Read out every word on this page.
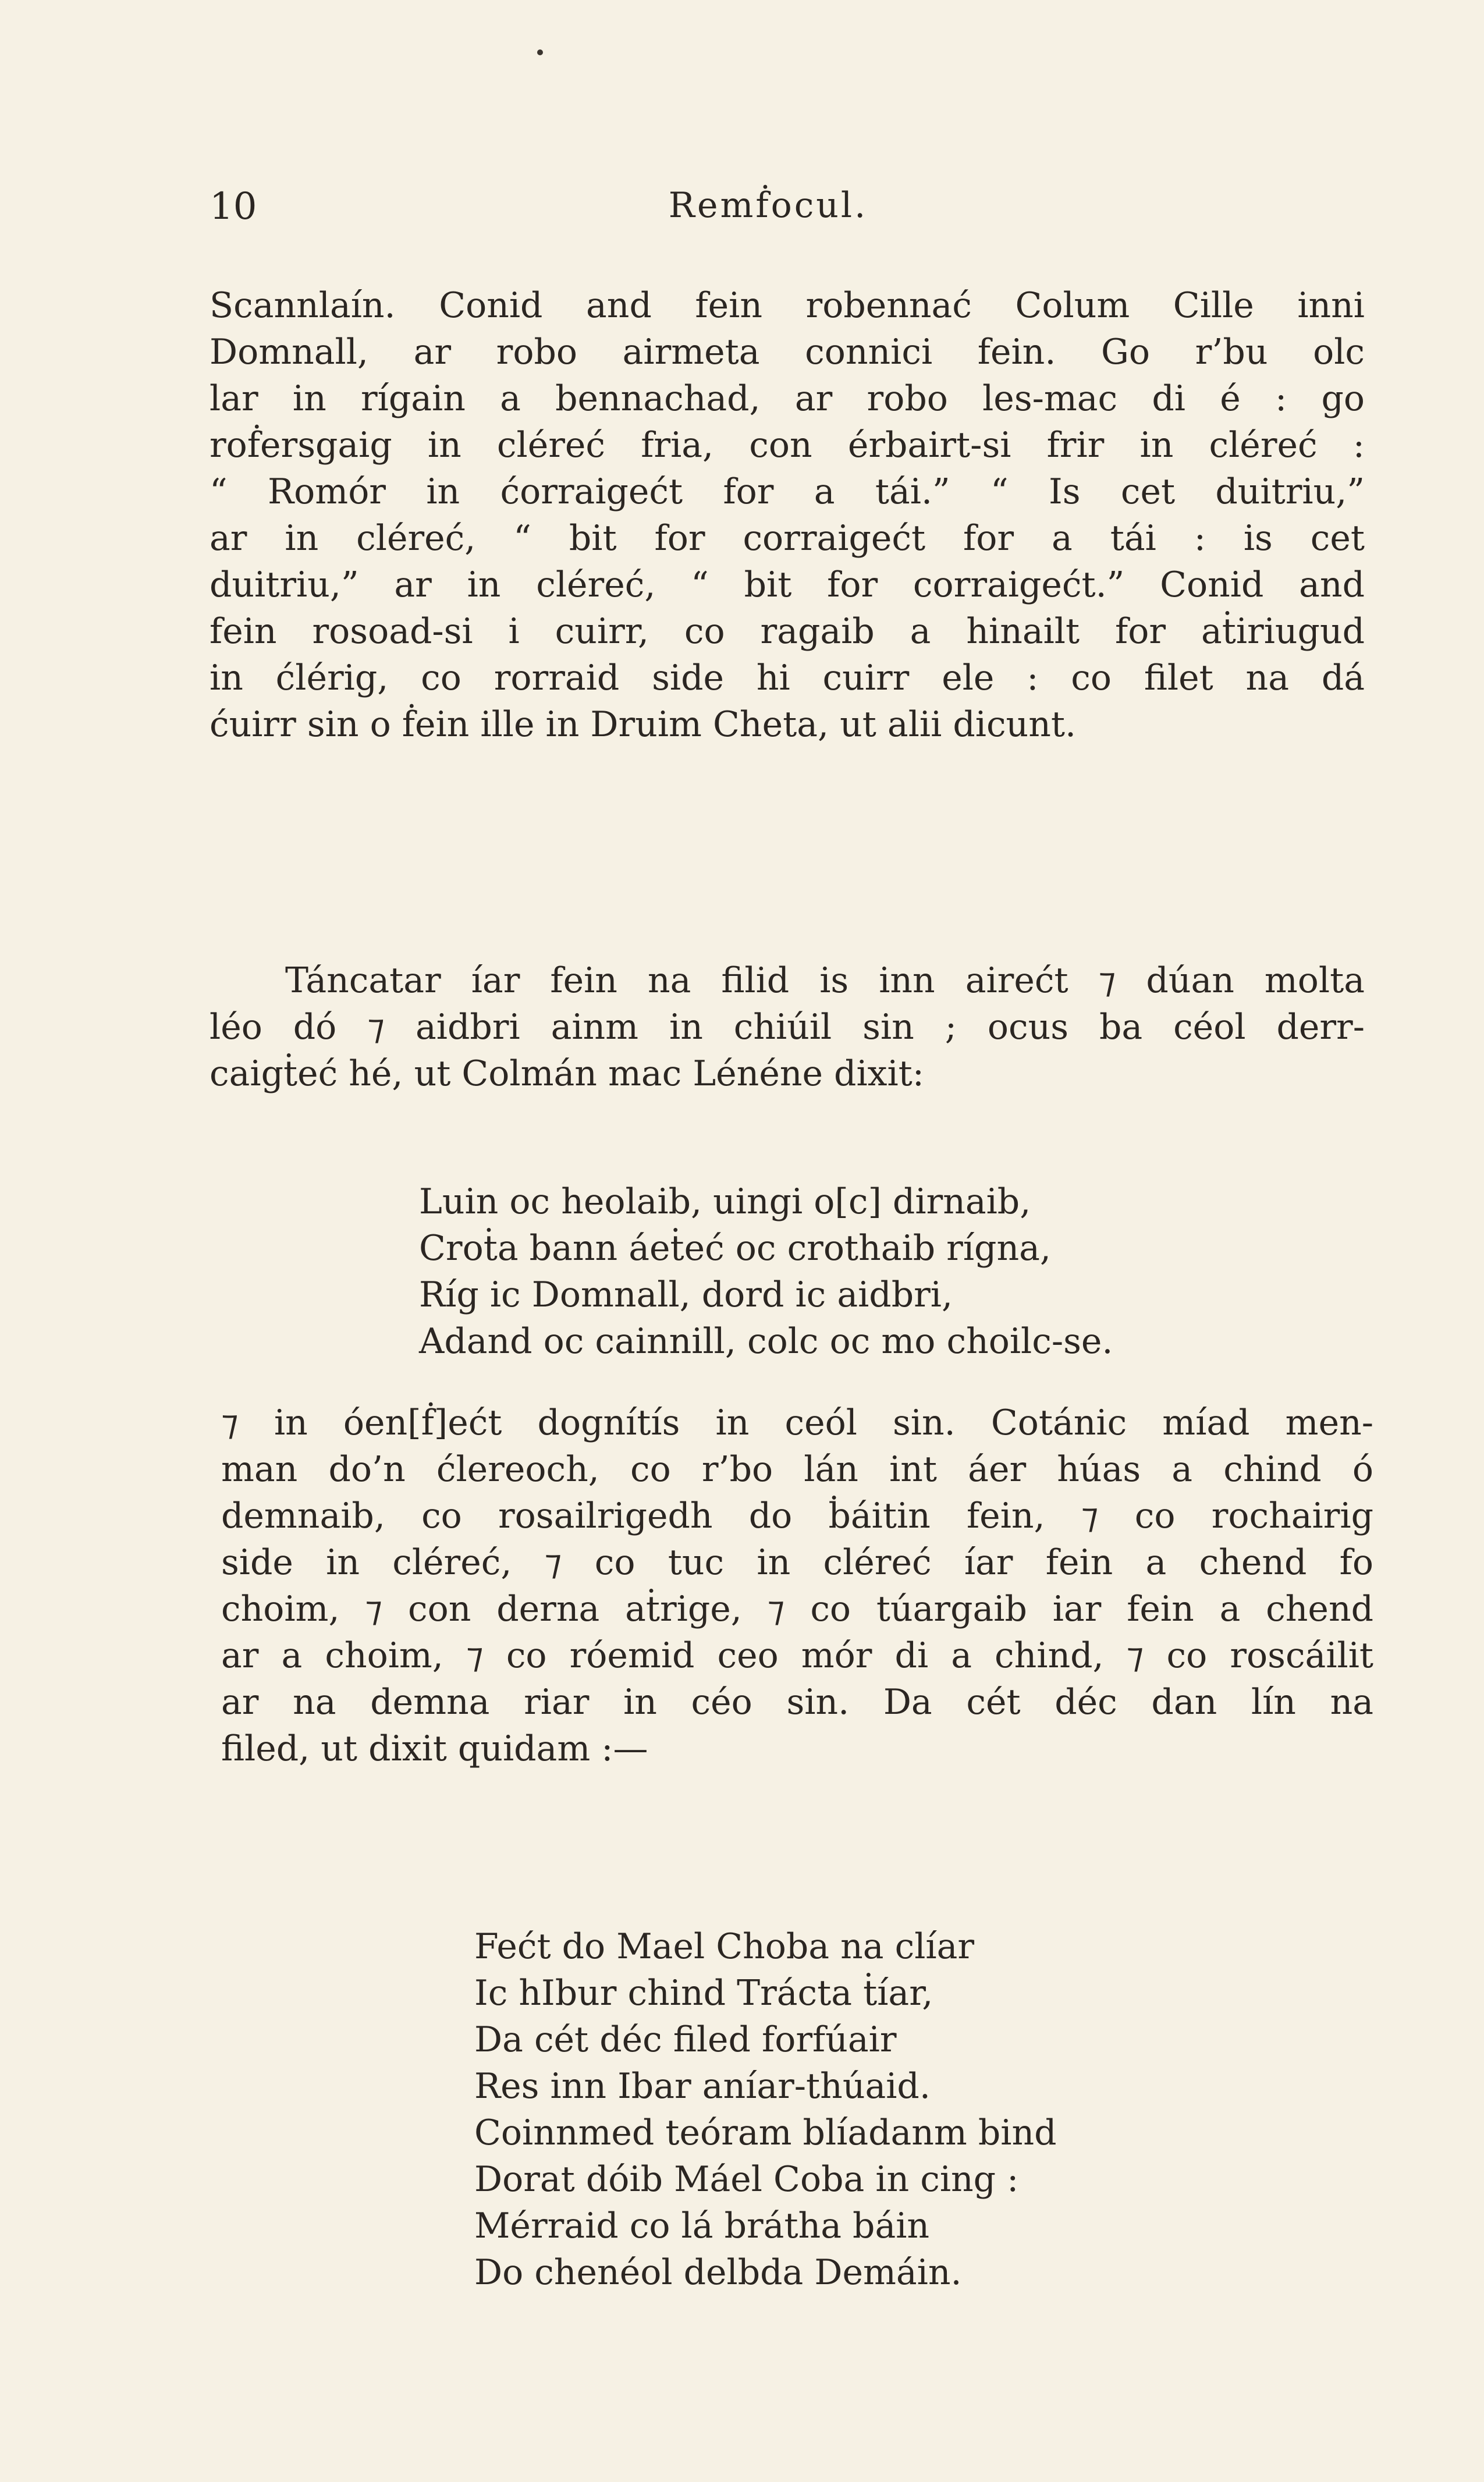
10	Remḟocul.
Scannlaín. Conid and fein robennać Colum Cille inni
Domnall, ar robo airmeta connici fein. Go r’bu olc
lar in rígain a bennachad, ar robo les-mac di é : go
roḟersgaig in cléreć fria, con érbairt-si frir in cléreć :
“ Romór in ćorraigećt for a tái.” “ Is cet duitriu,”
ar in cléreć, “ bit for corraigećt for a tái : is cet
duitriu,” ar in cléreć, “ bit for corraigećt.” Conid and
fein rosoad-si i cuirr, co ragaib a hinailt for aṫiriugud
in ćlérig, co rorraid side hi cuirr ele : co filet na dá
ćuirr sin o ḟein ille in Druim Cheta, ut alii dicunt.
Táncatar íar fein na filid is inn airećt ⁊ dúan molta
léo dó ⁊ aidbri ainm in chiúil sin ; ocus ba céol derr-
caigṫeć hé, ut Colmán mac Lénéne dixit:
Luin oc heolaib, uingi o[c] dirnaib,
Croṫa bann áeṫeć oc crothaib rígna,
Ríg ic Domnall, dord ic aidbri,
Adand oc cainnill, colc oc mo choilc-se.
⁊ in óen[ḟ]ećt dognítís in ceól sin. Cotánic míad men-
man do’n ćlereoch, co r’bo lán int áer húas a chind ó
demnaib, co rosailrigedh do ḃáitin fein, ⁊ co rochairig
side in cléreć, ⁊ co tuc in cléreć íar fein a chend fo
choim, ⁊ con derna aṫrige, ⁊ co túargaib iar fein a chend
ar a choim, ⁊ co róemid ceo mór di a chind, ⁊ co roscáilit
ar na demna riar in céo sin. Da cét déc dan lín na
filed, ut dixit quidam :—
Fećt do Mael Choba na clíar
Ic hIbur chind Trácta ṫíar,
Da cét déc filed forfúair
Res inn Ibar aníar-thúaid.
Coinnmed teóram blíadanm bind
Dorat dóib Máel Coba in cing :
Mérraid co lá brátha báin
Do chenéol delbda Demáin.
